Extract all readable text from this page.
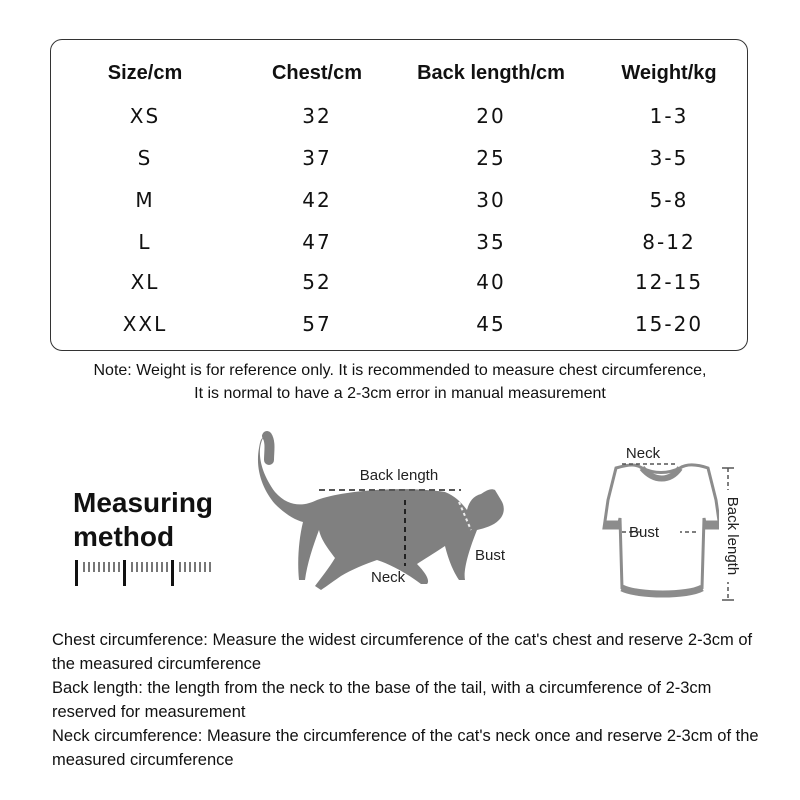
Size/cm	Chest/cm	Back length/cm	Weight/kg
XS	32	20	1-3
S	37	25	3-5
M	42	30	5-8
L	47	35	8-12
XL	52	40	12-15
XXL	57	45	15-20
Note: Weight is for reference only. It is recommended to measure chest circumference,
It is normal to have a 2-3cm error in manual measurement
Measuring
method
Back length
Bust
Neck
Neck
Bust	Back length

Chest circumference: Measure the widest circumference of the cat's chest and reserve 2-3cm of the measured circumference

Back length: the length from the neck to the base of the tail, with a circumference of 2-3cm reserved for measurement

Neck circumference: Measure the circumference of the cat's neck once and reserve 2-3cm of the measured circumference
